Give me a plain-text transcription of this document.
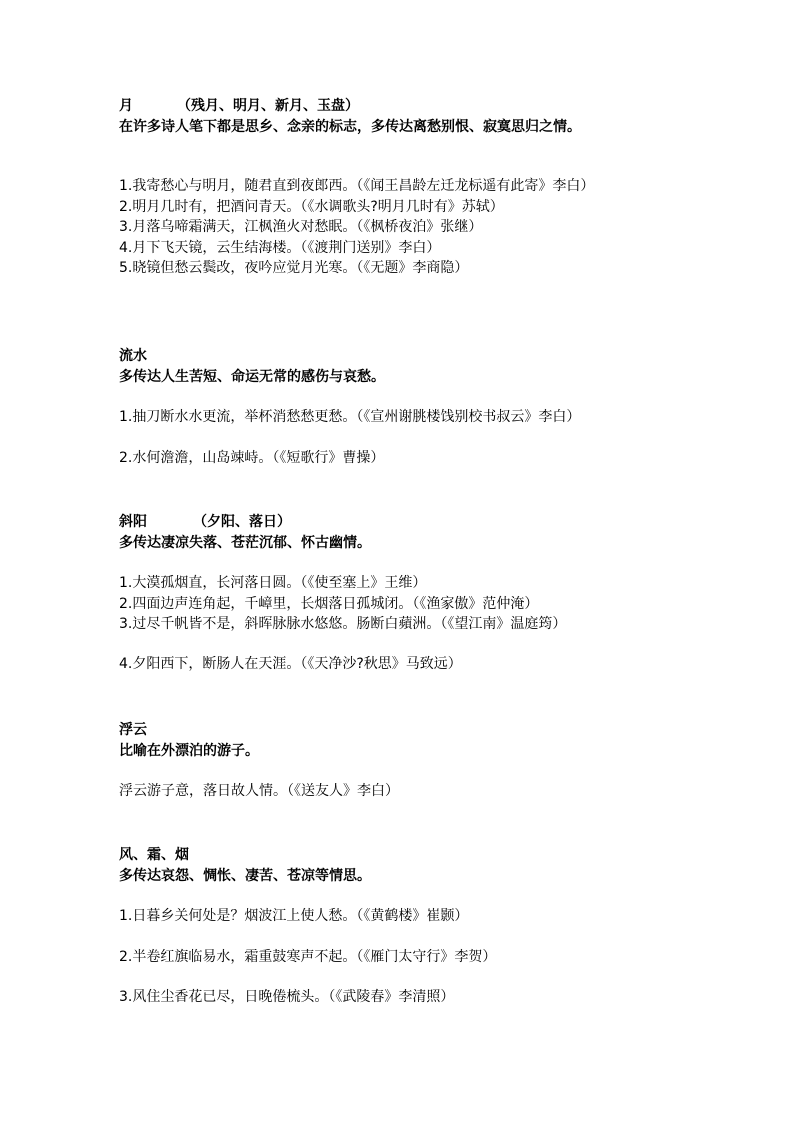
月	（残月、明月、新月、玉盘）
在许多诗人笔下都是思乡、念亲的标志，多传达离愁别恨、寂寞思归之情。
1.我寄愁心与明月，随君直到夜郎西。（《闻王昌龄左迁龙标遥有此寄》李白）
2.明月几时有，把酒问青天。（《水调歌头?明月几时有》苏轼）
3.月落乌啼霜满天，江枫渔火对愁眠。（《枫桥夜泊》张继）
4.月下飞天镜，云生结海楼。（《渡荆门送别》李白）
5.晓镜但愁云鬓改，夜吟应觉月光寒。（《无题》李商隐）
流水
多传达人生苦短、命运无常的感伤与哀愁。
1.抽刀断水水更流，举杯消愁愁更愁。（《宣州谢朓楼饯别校书叔云》李白）
2.水何澹澹，山岛竦峙。（《短歌行》曹操）
斜阳	（夕阳、落日）
多传达凄凉失落、苍茫沉郁、怀古幽情。
1.大漠孤烟直，长河落日圆。（《使至塞上》王维）
2.四面边声连角起，千嶂里，长烟落日孤城闭。（《渔家傲》范仲淹）
3.过尽千帆皆不是，斜晖脉脉水悠悠。肠断白蘋洲。（《望江南》温庭筠）
4.夕阳西下，断肠人在天涯。（《天净沙?秋思》马致远）
浮云
比喻在外漂泊的游子。
浮云游子意，落日故人情。（《送友人》李白）
风、霜、烟
多传达哀怨、惆怅、凄苦、苍凉等情思。
1.日暮乡关何处是？烟波江上使人愁。（《黄鹤楼》崔颢）
2.半卷红旗临易水，霜重鼓寒声不起。（《雁门太守行》李贺）
3.风住尘香花已尽，日晚倦梳头。（《武陵春》李清照）
